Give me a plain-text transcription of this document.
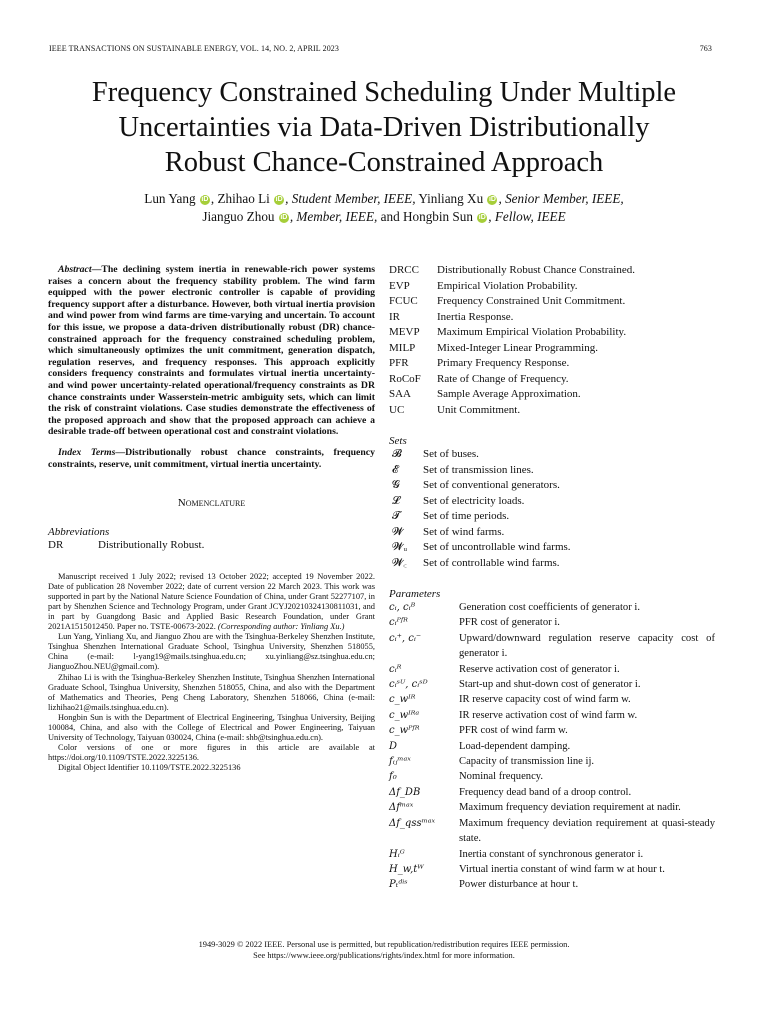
IEEE TRANSACTIONS ON SUSTAINABLE ENERGY, VOL. 14, NO. 2, APRIL 2023	763
Frequency Constrained Scheduling Under Multiple
Uncertainties via Data-Driven Distributionally
Robust Chance-Constrained Approach
Lun Yang iD , Zhihao Li iD , Student Member, IEEE, Yinliang Xu iD , Senior Member, IEEE,
Jianguo Zhou iD , Member, IEEE, and Hongbin Sun iD , Fellow, IEEE
Abstract—The declining system inertia in renewable-rich power systems raises a concern about the frequency stability problem. The wind farm equipped with the power electronic controller is capable of providing frequency support after a disturbance. However, both virtual inertia provision and wind power from wind farms are time-varying and uncertain. To account for this issue, we propose a data-driven distributionally robust (DR) chance-constrained approach for the frequency constrained scheduling problem, which simultaneously optimizes the unit commitment, generation dispatch, regulation reserves, and frequency responses. This approach explicitly considers frequency constraints and formulates virtual inertia uncertainty- and wind power uncertainty-related operational/frequency constraints as DR chance constraints under Wasserstein-metric ambiguity sets, which can limit the risk of constraint violations. Case studies demonstrate the effectiveness of the proposed approach and show that the proposed approach can achieve a desirable trade-off between operational cost and constraint violations.
Index Terms—Distributionally robust chance constraints, frequency constraints, reserve, unit commitment, virtual inertia uncertainty.
Nomenclature
Abbreviations
DR	Distributionally Robust.

Manuscript received 1 July 2022; revised 13 October 2022; accepted 19 November 2022. Date of publication 28 November 2022; date of current version 22 March 2023. This work was supported in part by the National Nature Science Foundation of China, under Grant 52277107, in part by Shenzhen Science and Technology Program, under Grant JCYJ20210324130811031, and in part by Guangdong Basic and Applied Basic Research Foundation, under Grant 2021A1515012450. Paper no. TSTE-00673-2022. (Corresponding author: Yinliang Xu.)

Lun Yang, Yinliang Xu, and Jianguo Zhou are with the Tsinghua-Berkeley Shenzhen Institute, Tsinghua Shenzhen International Graduate School, Tsinghua University, Shenzhen 518055, China (e-mail: l-yang19@mails.tsinghua.edu.cn; xu.yinliang@sz.tsinghua.edu.cn; JianguoZhou.NEU@gmail.com).

Zhihao Li is with the Tsinghua-Berkeley Shenzhen Institute, Tsinghua Shenzhen International Graduate School, Tsinghua University, Shenzhen 518055, China, and also with the Department of Mathematics and Theories, Peng Cheng Laboratory, Shenzhen 518066, China (e-mail: lizhihao21@mails.tsinghua.edu.cn).

Hongbin Sun is with the Department of Electrical Engineering, Tsinghua University, Beijing 100084, China, and also with the College of Electrical and Power Engineering, Taiyuan University of Technology, Taiyuan 030024, China (e-mail: shb@tsinghua.edu.cn).

Color versions of one or more figures in this article are available at https://doi.org/10.1109/TSTE.2022.3225136.

Digital Object Identifier 10.1109/TSTE.2022.3225136

DRCC	Distributionally Robust Chance Constrained.
EVP	Empirical Violation Probability.
FCUC	Frequency Constrained Unit Commitment.
IR	Inertia Response.
MEVP	Maximum Empirical Violation Probability.
MILP	Mixed-Integer Linear Programming.
PFR	Primary Frequency Response.
RoCoF	Rate of Change of Frequency.
SAA	Sample Average Approximation.
UC	Unit Commitment.
Sets
𝓑	Set of buses.
𝓔	Set of transmission lines.
𝓖	Set of conventional generators.
𝓛	Set of electricity loads.
𝓣	Set of time periods.
𝓦	Set of wind farms.
𝓦ᵤ	Set of uncontrollable wind farms.
𝓦꜀	Set of controllable wind farms.
Parameters
cᵢ, cᵢᴮ	Generation cost coefficients of generator i.
cᵢᴾᶠᴿ	PFR cost of generator i.
cᵢ⁺, cᵢ⁻	Upward/downward regulation reserve capacity cost of generator i.
cᵢᴿ	Reserve activation cost of generator i.
cᵢˢᵁ, cᵢˢᴰ	Start-up and shut-down cost of generator i.
c_wᴵᴿ	IR reserve capacity cost of wind farm w.
c_wᴵᴿᵃ	IR reserve activation cost of wind farm w.
c_wᴾᶠᴿ	PFR cost of wind farm w.
D	Load-dependent damping.
fᵢⱼᵐᵃˣ	Capacity of transmission line ij.
f₀	Nominal frequency.
Δf_DB	Frequency dead band of a droop control.
Δfᵐᵃˣ	Maximum frequency deviation requirement at nadir.
Δf_qssᵐᵃˣ	Maximum frequency deviation requirement at quasi-steady state.
Hᵢᴳ	Inertia constant of synchronous generator i.
H_w,tᵂ	Virtual inertia constant of wind farm w at hour t.
Pₜᵈⁱˢ	Power disturbance at hour t.
1949-3029 © 2022 IEEE. Personal use is permitted, but republication/redistribution requires IEEE permission.
See https://www.ieee.org/publications/rights/index.html for more information.
